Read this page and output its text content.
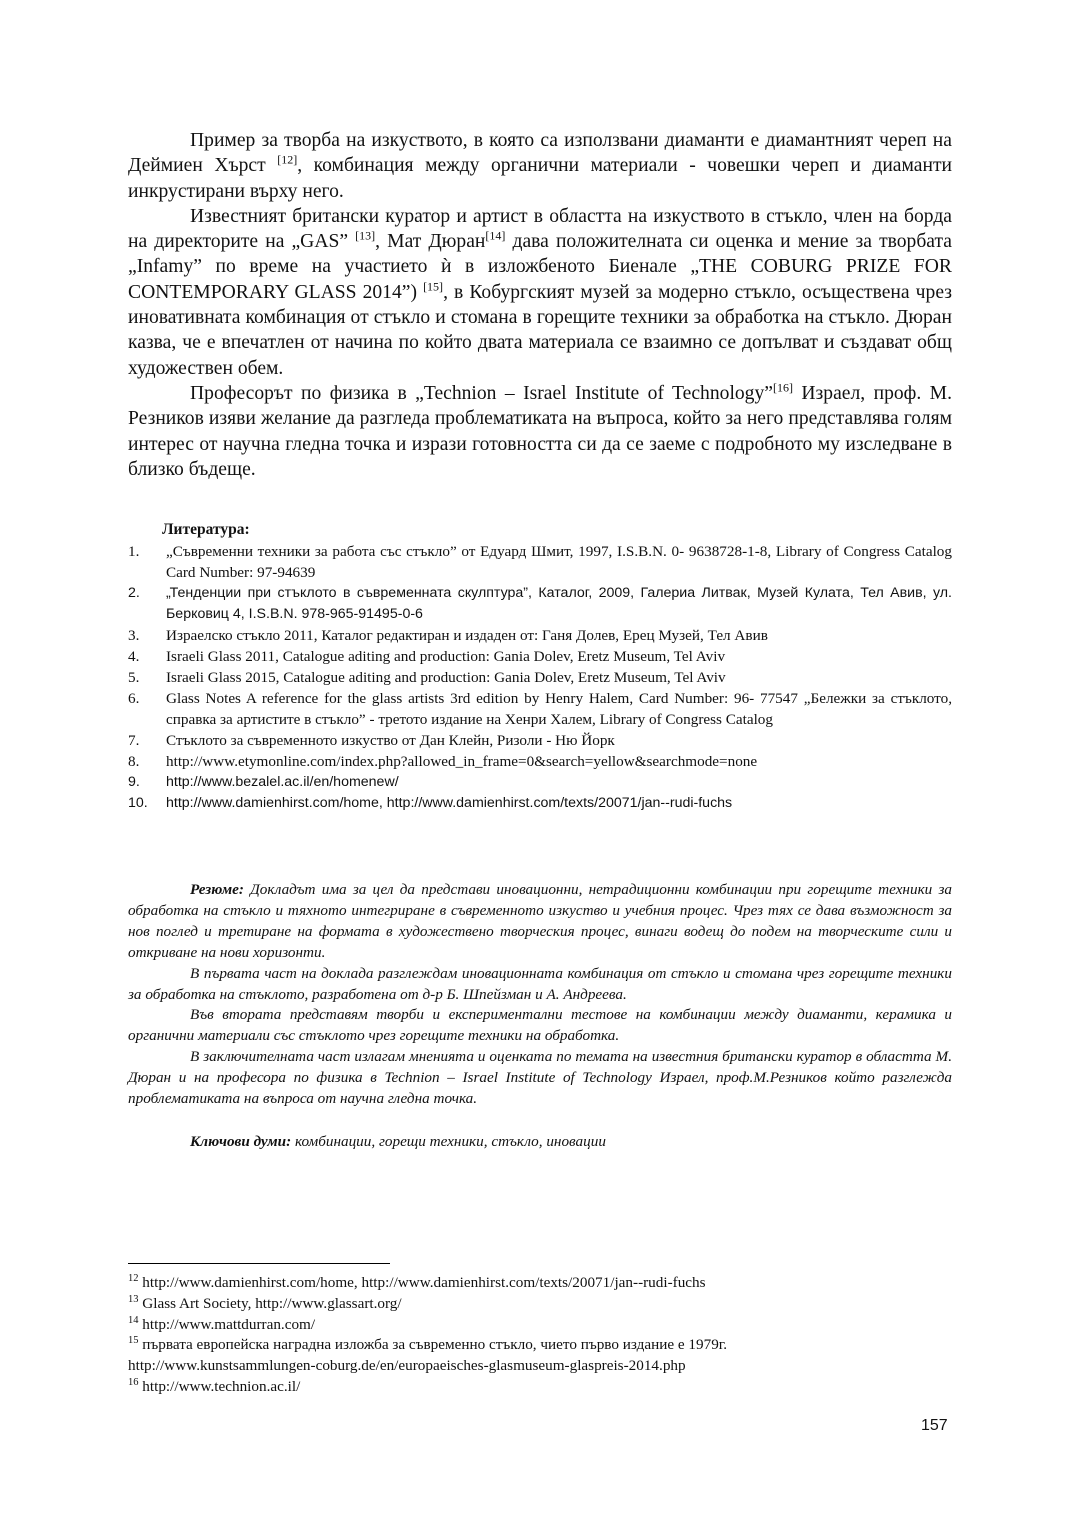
Пример за творба на изкуството, в която са използвани диаманти е диамантният череп на Деймиен Хърст [12], комбинация между органични материали - човешки череп и диаманти инкрустирани върху него.

Известният британски куратор и артист в областта на изкуството в стъкло, член на борда на директорите на „GAS” [13], Мат Дюран[14] дава положителната си оценка и мение за творбата „Infamy” по време на участието ѝ в изложбеното Биенале „THE COBURG PRIZE FOR CONTEMPORARY GLASS 2014”) [15], в Кобургският музей за модерно стъкло, осъществена чрез иновативната комбинация от стъкло и стомана в горещите техники за обработка на стъкло. Дюран казва, че е впечатлен от начина по който двата материала се взаимно се допълват и създават общ художествен обем.

Професорът по физика в „Technion – Israel Institute of Technology”[16] Израел, проф. М. Резников изяви желание да разгледа проблематиката на въпроса, който за него представлява голям интерес от научна гледна точка и изрази готовността си да се заеме с подробното му изследване в близко бъдеще.

Литература:
1. „Съвременни техники за работа със стъкло” от Едуард Шмит, 1997, I.S.B.N. 0- 9638728-1-8, Library of Congress Catalog Card Number: 97-94639
2. „Тенденции при стъклото в съвременната скулптура”, Каталог, 2009, Галериа Литвак, Музей Кулата, Тел Авив, ул. Берковиц 4, I.S.B.N. 978-965-91495-0-6
3. Израелско стъкло 2011, Каталог редактиран и издаден от: Ганя Долев, Ерец Музей, Тел Авив
4. Israeli Glass 2011, Catalogue aditing and production: Gania Dolev, Eretz Museum, Tel Aviv
5. Israeli Glass 2015, Catalogue aditing and production: Gania Dolev, Eretz Museum, Tel Aviv
6. Glass Notes A reference for the glass artists 3rd edition by Henry Halem, Card Number: 96- 77547 „Бележки за стъклото, справка за артистите в стъкло” - третото издание на Хенри Халем, Library of Congress Catalog
7. Стъклото за съвременното изкуство от Дан Клейн, Ризоли - Ню Йорк
8. http://www.etymonline.com/index.php?allowed_in_frame=0&search=yellow&searchmode=none
9. http://www.bezalel.ac.il/en/homenew/
10. http://www.damienhirst.com/home, http://www.damienhirst.com/texts/20071/jan--rudi-fuchs

Резюме: Докладът има за цел да представи иновационни, нетрадиционни комбинации при горещите техники за обработка на стъкло и тяхното интегриране в съвременното изкуство и учебния процес. Чрез тях се дава възможност за нов поглед и третиране на формата в художествено творческия процес, винаги водещ до подем на творческите сили и откриване на нови хоризонти.

В първата част на доклада разглеждам иновационната комбинация от стъкло и стомана чрез горещите техники за обработка на стъклото, разработена от д-р Б. Шпейзман и А. Андреева.

Във втората представям творби и експериментални тестове на комбинации между диаманти, керамика и органични материали със стъклото чрез горещите техники на обработка.

В заключителната част излагам мненията и оценката по темата на известния британски куратор в областта М. Дюран и на професора по физика в Technion – Israel Institute of Technology Израел, проф.М.Резников който разглежда проблематиката на въпроса от научна гледна точка.

Ключови думи: комбинации, горещи техники, стъкло, иновации
$^{12}$ http://www.damienhirst.com/home, http://www.damienhirst.com/texts/20071/jan--rudi-fuchs
$^{13}$ Glass Art Society, http://www.glassart.org/
$^{14}$ http://www.mattdurran.com/
$^{15}$ първата европейска наградна изложба за съвременно стъкло, чието първо издание е 1979г.
http://www.kunstsammlungen-coburg.de/en/europaeisches-glasmuseum-glaspreis-2014.php
$^{16}$ http://www.technion.ac.il/
157
